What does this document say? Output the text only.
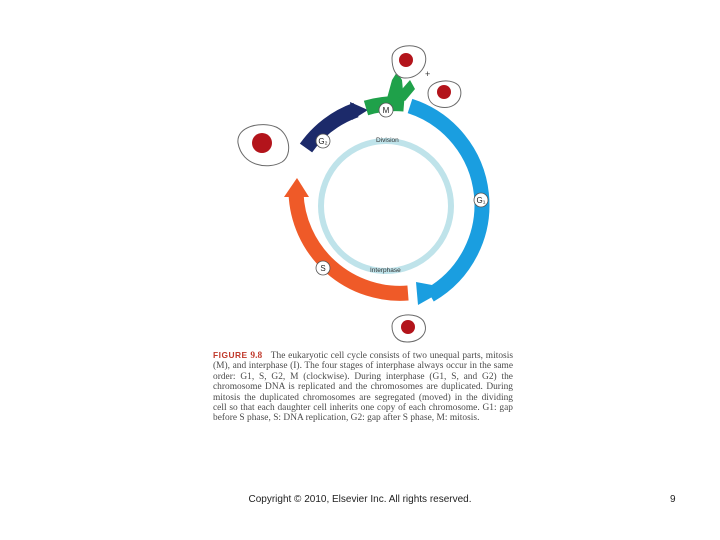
M
G₂
G₁
S
Division
Interphase
+
FIGURE 9.8 The eukaryotic cell cycle consists of two unequal parts, mitosis (M), and interphase (I). The four stages of interphase always occur in the same order: G1, S, G2, M (clockwise). During interphase (G1, S, and G2) the chromosome DNA is replicated and the chromosomes are duplicated. During mitosis the duplicated chromosomes are segregated (moved) in the dividing cell so that each daughter cell inherits one copy of each chromosome. G1: gap before S phase, S: DNA replication, G2: gap after S phase, M: mitosis.
Copyright © 2010, Elsevier Inc. All rights reserved.	9
